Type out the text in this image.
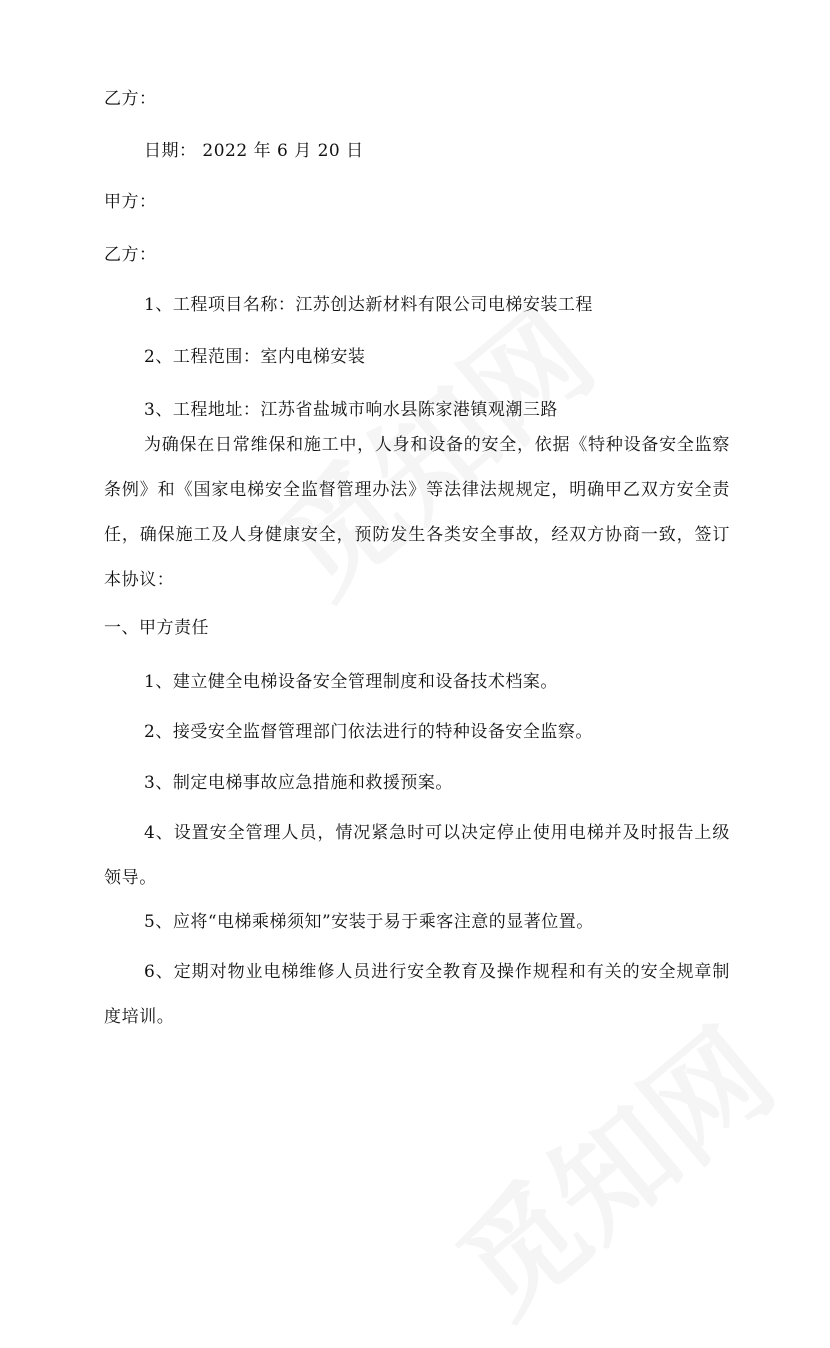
乙方：
日期： 2022 年 6 月 20 日
甲方：
乙方：
1、工程项目名称：江苏创达新材料有限公司电梯安装工程
2、工程范围：室内电梯安装
3、工程地址：江苏省盐城市响水县陈家港镇观潮三路
为确保在日常维保和施工中，人身和设备的安全，依据《特种设备安全监察条例》和《国家电梯安全监督管理办法》等法律法规规定，明确甲乙双方安全责任，确保施工及人身健康安全，预防发生各类安全事故，经双方协商一致，签订本协议：
一、甲方责任
1、建立健全电梯设备安全管理制度和设备技术档案。
2、接受安全监督管理部门依法进行的特种设备安全监察。
3、制定电梯事故应急措施和救援预案。
4、设置安全管理人员，情况紧急时可以决定停止使用电梯并及时报告上级领导。
5、应将“电梯乘梯须知”安装于易于乘客注意的显著位置。
6、定期对物业电梯维修人员进行安全教育及操作规程和有关的安全规章制度培训。
